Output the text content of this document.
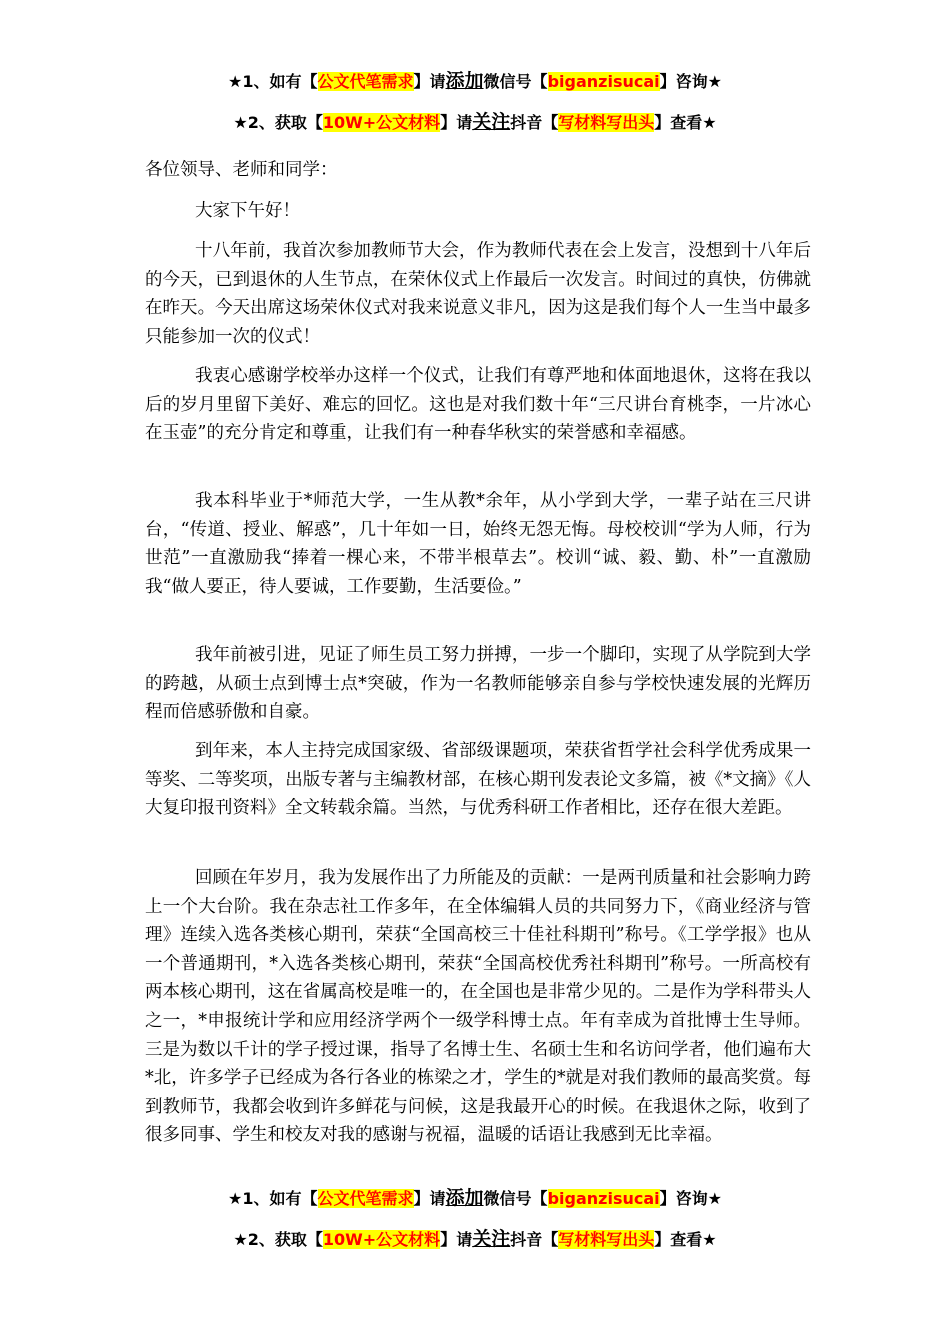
★1、如有【公文代笔需求】请添加微信号【biganzisucai】咨询★
★2、获取【10W+公文材料】请关注抖音【写材料写出头】查看★

各位领导、老师和同学：

大家下午好！

十八年前，我首次参加教师节大会，作为教师代表在会上发言，没想到十八年后的今天，已到退休的人生节点，在荣休仪式上作最后一次发言。时间过的真快，仿佛就在昨天。今天出席这场荣休仪式对我来说意义非凡，因为这是我们每个人一生当中最多只能参加一次的仪式！

我衷心感谢学校举办这样一个仪式，让我们有尊严地和体面地退休，这将在我以后的岁月里留下美好、难忘的回忆。这也是对我们数十年“三尺讲台育桃李，一片冰心在玉壶”的充分肯定和尊重，让我们有一种春华秋实的荣誉感和幸福感。

我本科毕业于*师范大学，一生从教*余年，从小学到大学，一辈子站在三尺讲台，“传道、授业、解惑”，几十年如一日，始终无怨无悔。母校校训“学为人师，行为世范”一直激励我“捧着一棵心来，不带半根草去”。校训“诚、毅、勤、朴”一直激励我“做人要正，待人要诚，工作要勤，生活要俭。”

我年前被引进，见证了师生员工努力拼搏，一步一个脚印，实现了从学院到大学的跨越，从硕士点到博士点*突破，作为一名教师能够亲自参与学校快速发展的光辉历程而倍感骄傲和自豪。

到年来，本人主持完成国家级、省部级课题项，荣获省哲学社会科学优秀成果一等奖、二等奖项，出版专著与主编教材部，在核心期刊发表论文多篇，被《*文摘》《人大复印报刊资料》全文转载余篇。当然，与优秀科研工作者相比，还存在很大差距。

回顾在年岁月，我为发展作出了力所能及的贡献：一是两刊质量和社会影响力跨上一个大台阶。我在杂志社工作多年，在全体编辑人员的共同努力下，《商业经济与管理》连续入选各类核心期刊，荣获“全国高校三十佳社科期刊”称号。《工学学报》也从一个普通期刊，*入选各类核心期刊，荣获“全国高校优秀社科期刊”称号。一所高校有两本核心期刊，这在省属高校是唯一的，在全国也是非常少见的。二是作为学科带头人之一，*申报统计学和应用经济学两个一级学科博士点。年有幸成为首批博士生导师。三是为数以千计的学子授过课，指导了名博士生、名硕士生和名访问学者，他们遍布大*北，许多学子已经成为各行各业的栋梁之才，学生的*就是对我们教师的最高奖赏。每到教师节，我都会收到许多鲜花与问候，这是我最开心的时候。在我退休之际，收到了很多同事、学生和校友对我的感谢与祝福，温暖的话语让我感到无比幸福。

★1、如有【公文代笔需求】请添加微信号【biganzisucai】咨询★
★2、获取【10W+公文材料】请关注抖音【写材料写出头】查看★
